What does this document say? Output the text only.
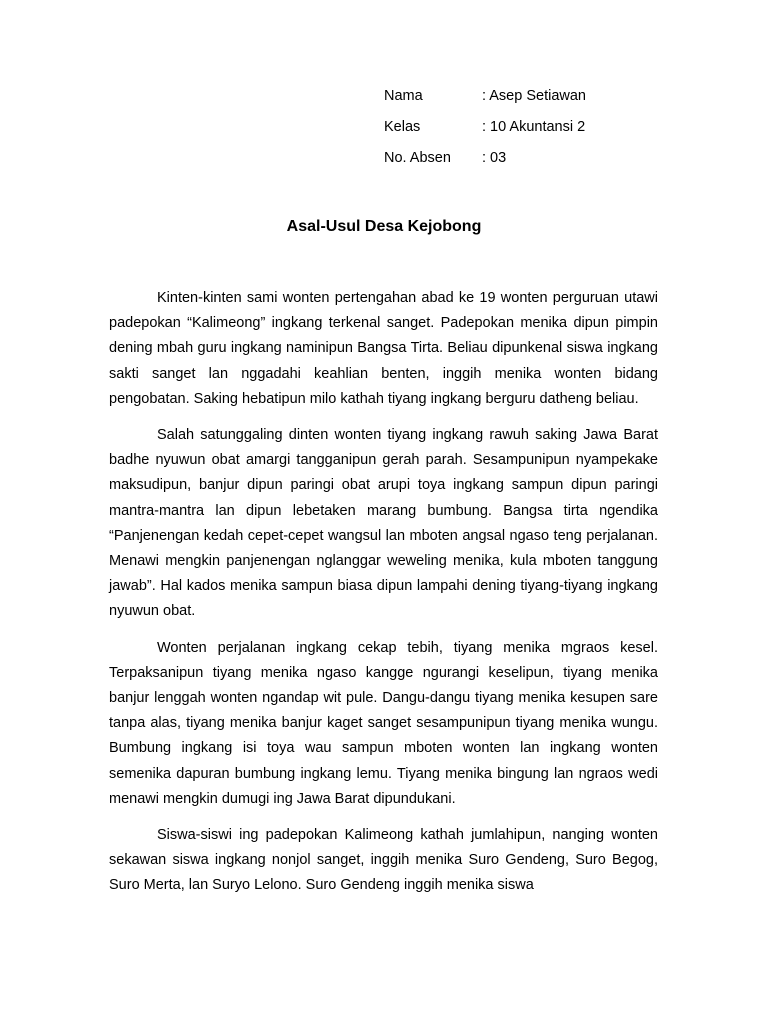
Nama	: Asep Setiawan
Kelas	: 10 Akuntansi 2
No. Absen : 03
Asal-Usul Desa Kejobong

Kinten-kinten sami wonten pertengahan abad ke 19 wonten perguruan utawi padepokan “Kalimeong” ingkang terkenal sanget. Padepokan menika dipun pimpin dening mbah guru ingkang naminipun Bangsa Tirta. Beliau dipunkenal siswa ingkang sakti sanget lan nggadahi keahlian benten, inggih menika wonten bidang pengobatan. Saking hebatipun milo kathah tiyang ingkang berguru datheng beliau.

Salah satunggaling dinten wonten tiyang ingkang rawuh saking Jawa Barat badhe nyuwun obat amargi tangganipun gerah parah. Sesampunipun nyampekake maksudipun, banjur dipun paringi obat arupi toya ingkang sampun dipun paringi mantra-mantra lan dipun lebetaken marang bumbung. Bangsa tirta ngendika “Panjenengan kedah cepet-cepet wangsul lan mboten angsal ngaso teng perjalanan. Menawi mengkin panjenengan nglanggar weweling menika, kula mboten tanggung jawab”. Hal kados menika sampun biasa dipun lampahi dening tiyang-tiyang ingkang nyuwun obat.

Wonten perjalanan ingkang cekap tebih, tiyang menika mgraos kesel. Terpaksanipun tiyang menika ngaso kangge ngurangi keselipun, tiyang menika banjur lenggah wonten ngandap wit pule. Dangu-dangu tiyang menika kesupen sare tanpa alas, tiyang menika banjur kaget sanget sesampunipun tiyang menika wungu. Bumbung ingkang isi toya wau sampun mboten wonten lan ingkang wonten semenika dapuran bumbung ingkang lemu. Tiyang menika bingung lan ngraos wedi menawi mengkin dumugi ing Jawa Barat dipundukani.

Siswa-siswi ing padepokan Kalimeong kathah jumlahipun, nanging wonten sekawan siswa ingkang nonjol sanget, inggih menika Suro Gendeng, Suro Begog, Suro Merta, lan Suryo Lelono. Suro Gendeng inggih menika siswa
